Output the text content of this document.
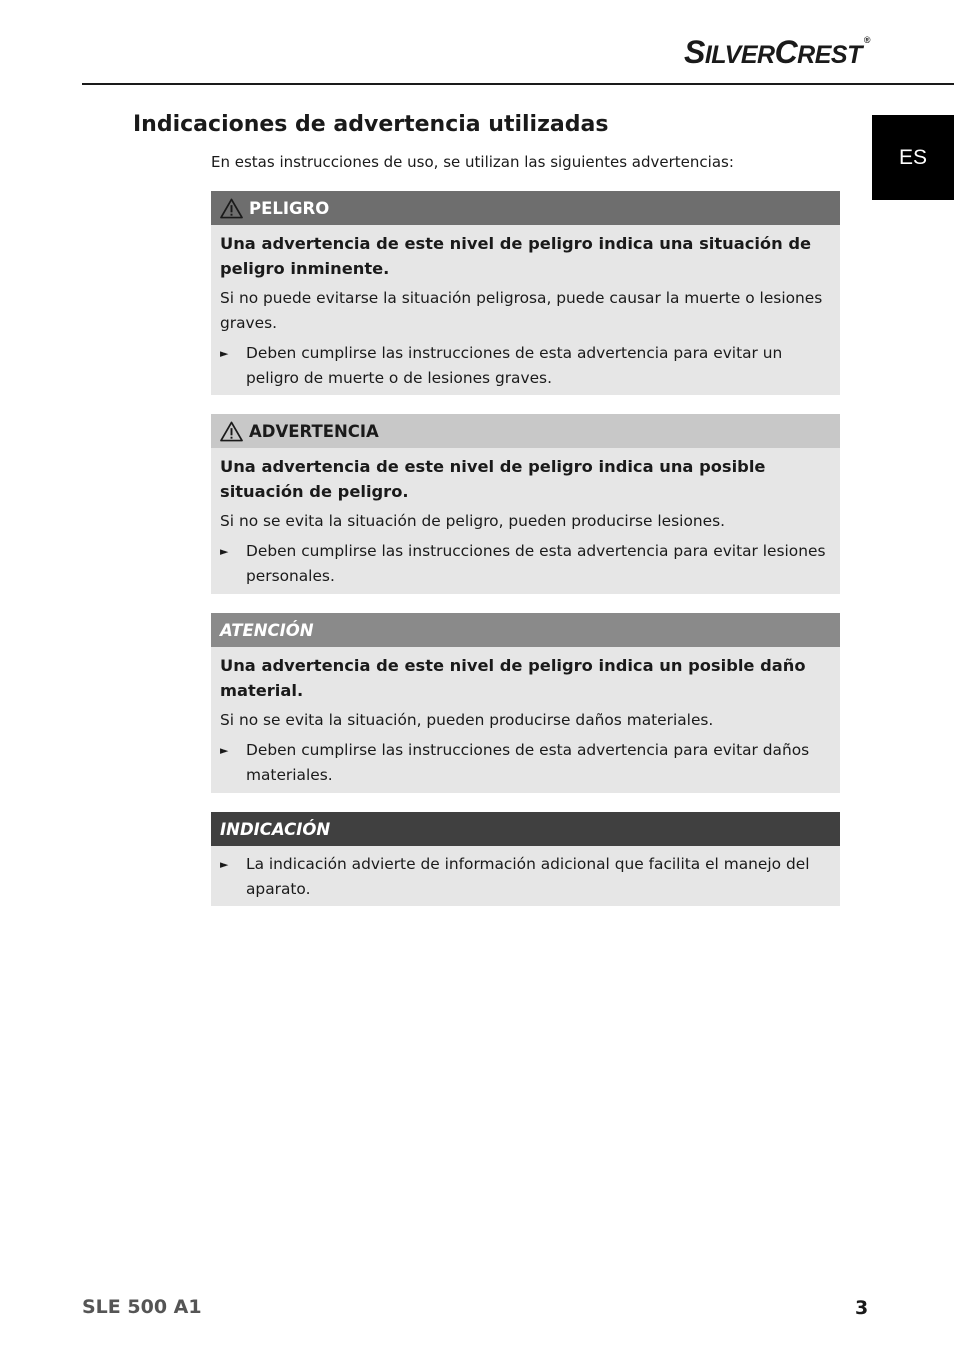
SILVERCREST®
ES
Indicaciones de advertencia utilizadas

En estas instrucciones de uso, se utilizan las siguientes advertencias:

PELIGRO

Una advertencia de este nivel de peligro indica una situación de peligro inminente.

Si no puede evitarse la situación peligrosa, puede causar la muerte o lesiones graves.

►	Deben cumplirse las instrucciones de esta advertencia para evitar un peligro de muerte o de lesiones graves.
ADVERTENCIA

Una advertencia de este nivel de peligro indica una posible situación de peligro.

Si no se evita la situación de peligro, pueden producirse lesiones.

►	Deben cumplirse las instrucciones de esta advertencia para evitar lesiones personales.
ATENCIÓN

Una advertencia de este nivel de peligro indica un posible daño material.

Si no se evita la situación, pueden producirse daños materiales.

►	Deben cumplirse las instrucciones de esta advertencia para evitar daños materiales.
INDICACIÓN
►	La indicación advierte de información adicional que facilita el manejo del aparato.
SLE 500 A1	3
